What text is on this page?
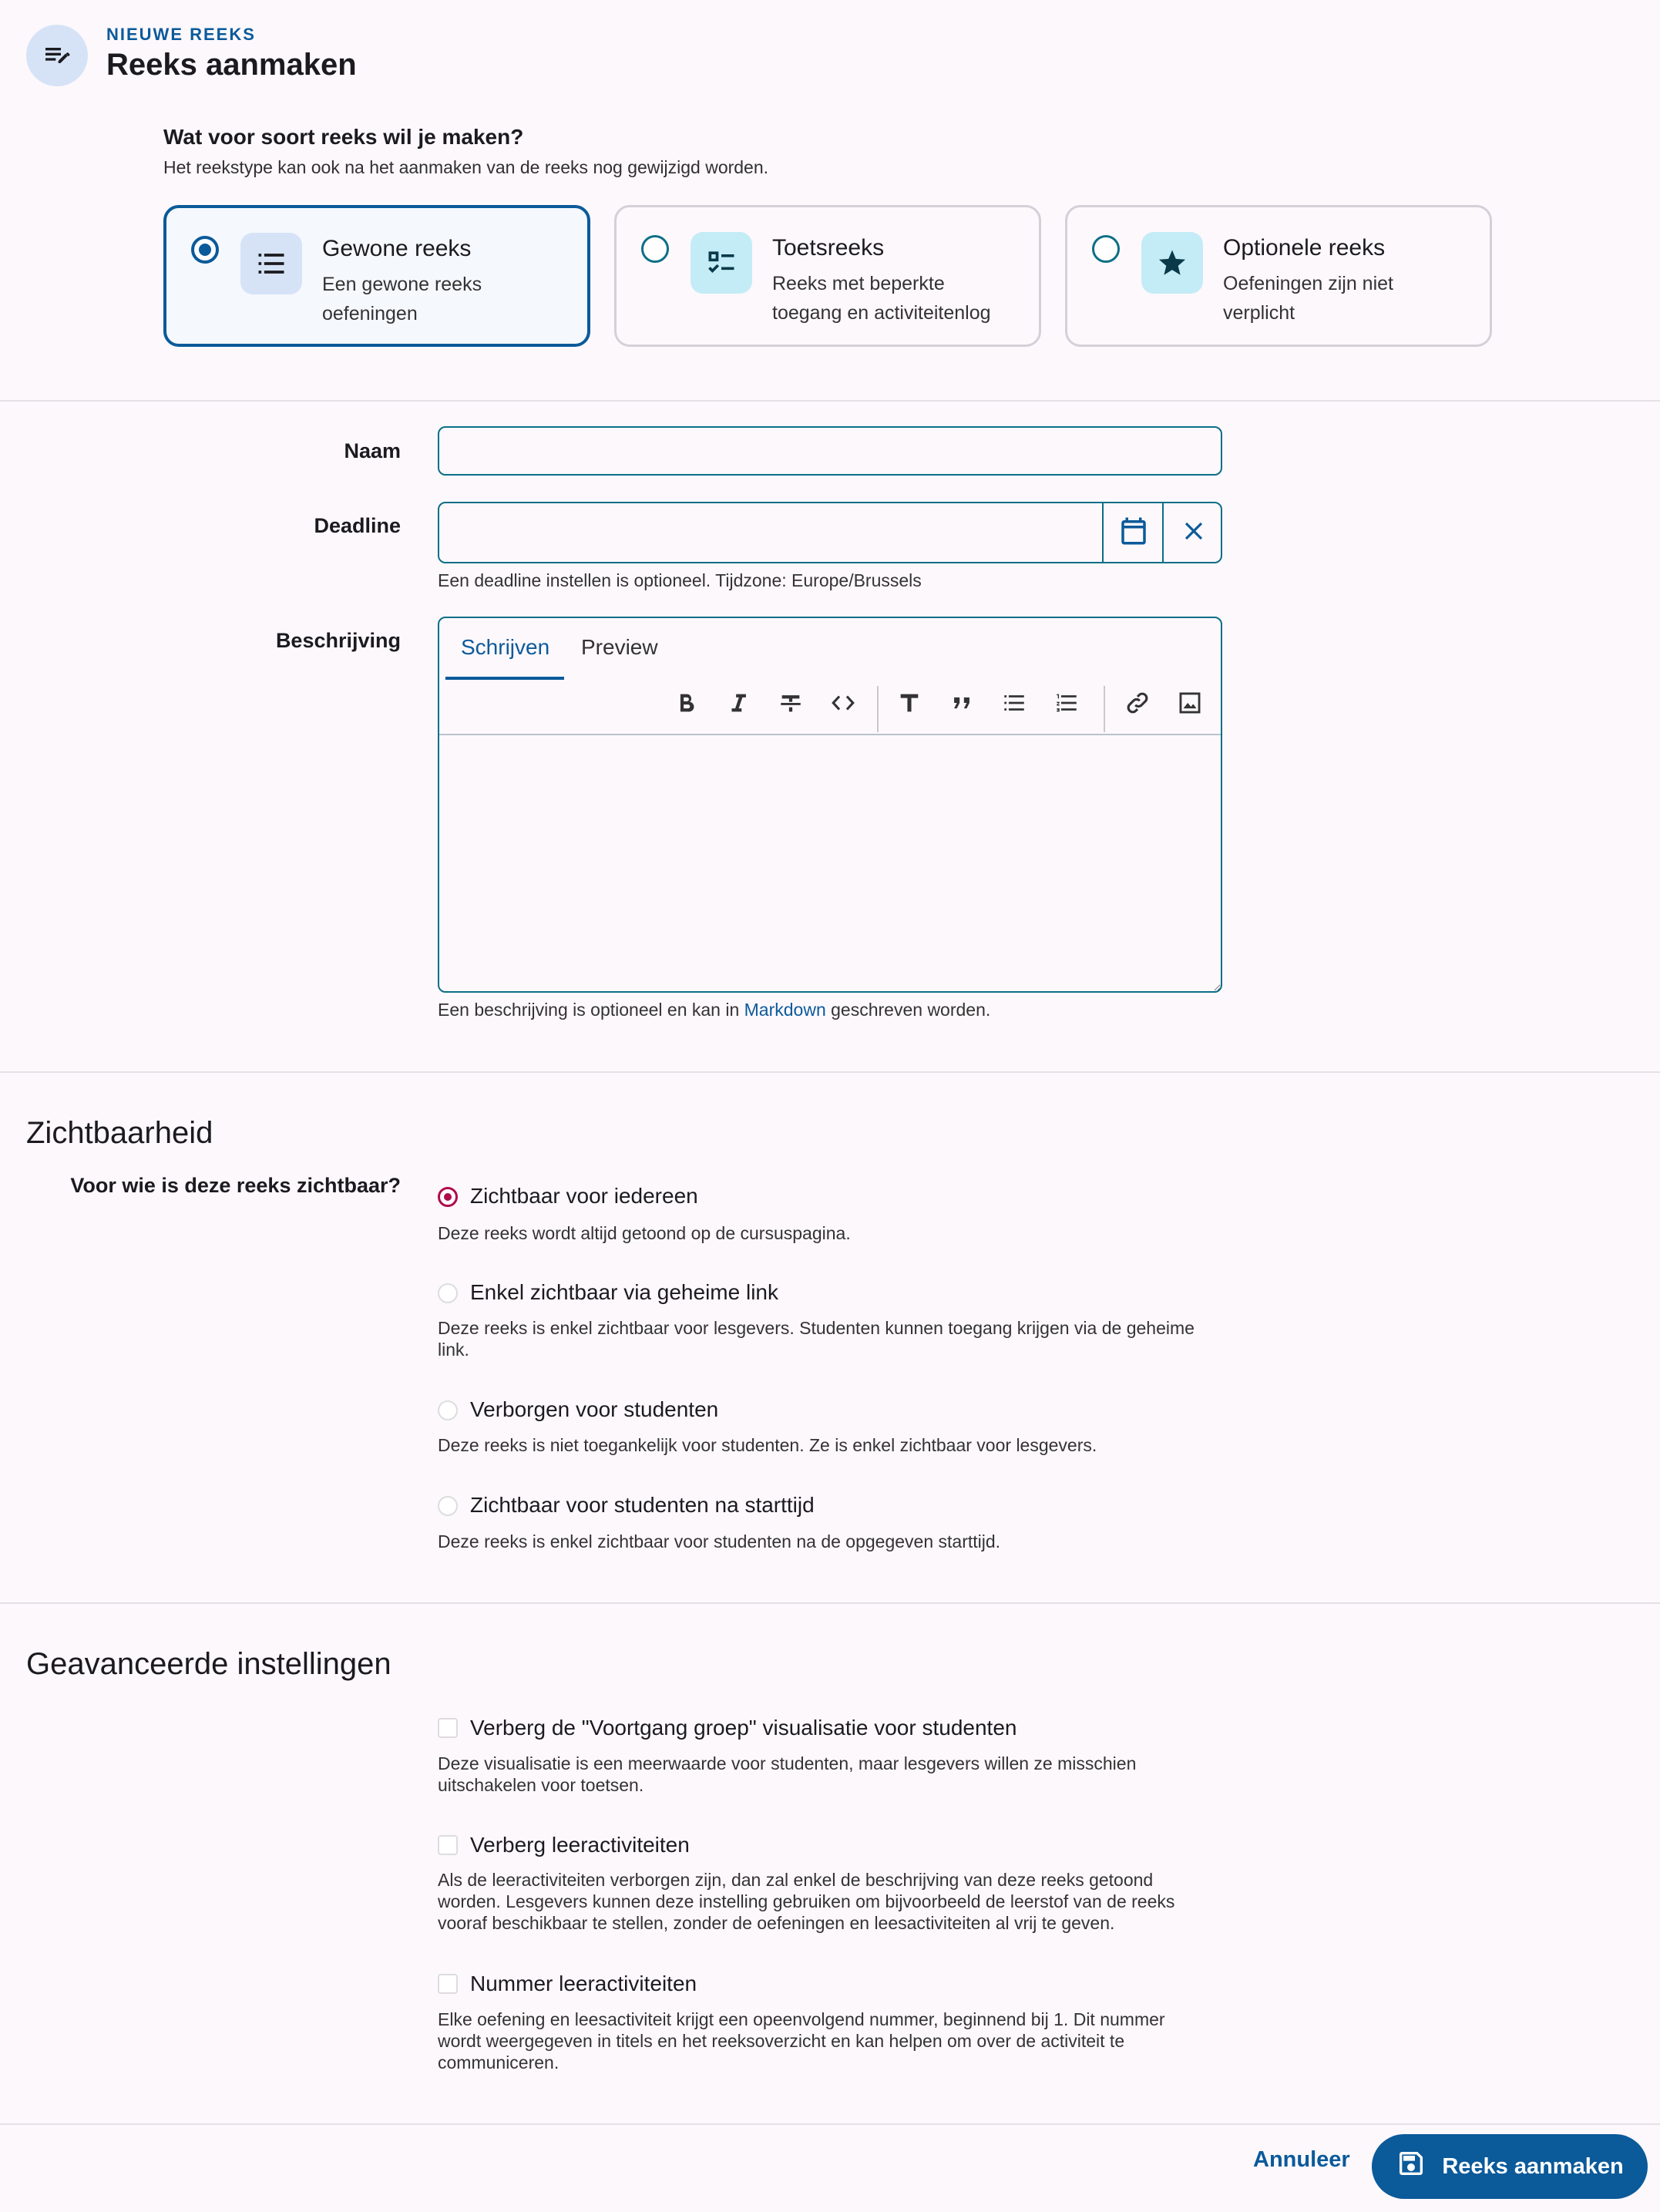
NIEUWE REEKS
Reeks aanmaken
Wat voor soort reeks wil je maken?
Het reekstype kan ook na het aanmaken van de reeks nog gewijzigd worden.
Gewone reeks
Een gewone reeks oefeningen
Toetsreeks
Reeks met beperkte toegang en activiteitenlog
Optionele reeks
Oefeningen zijn niet verplicht
Naam
Deadline
Een deadline instellen is optioneel. Tijdzone: Europe/Brussels
Beschrijving	Schrijven Preview
Een beschrijving is optioneel en kan in Markdown geschreven worden.
Zichtbaarheid
Voor wie is deze reeks zichtbaar?	Zichtbaar voor iedereen
Deze reeks wordt altijd getoond op de cursuspagina.
Enkel zichtbaar via geheime link
Deze reeks is enkel zichtbaar voor lesgevers. Studenten kunnen toegang krijgen via de geheime link.
Verborgen voor studenten
Deze reeks is niet toegankelijk voor studenten. Ze is enkel zichtbaar voor lesgevers.
Zichtbaar voor studenten na starttijd
Deze reeks is enkel zichtbaar voor studenten na de opgegeven starttijd.
Geavanceerde instellingen
Verberg de "Voortgang groep" visualisatie voor studenten
Deze visualisatie is een meerwaarde voor studenten, maar lesgevers willen ze misschien uitschakelen voor toetsen.
Verberg leeractiviteiten
Als de leeractiviteiten verborgen zijn, dan zal enkel de beschrijving van deze reeks getoond worden. Lesgevers kunnen deze instelling gebruiken om bijvoorbeeld de leerstof van de reeks vooraf beschikbaar te stellen, zonder de oefeningen en leesactiviteiten al vrij te geven.
Nummer leeractiviteiten
Elke oefening en leesactiviteit krijgt een opeenvolgend nummer, beginnend bij 1. Dit nummer wordt weergegeven in titels en het reeksoverzicht en kan helpen om over de activiteit te communiceren.
Annuleer	Reeks aanmaken
